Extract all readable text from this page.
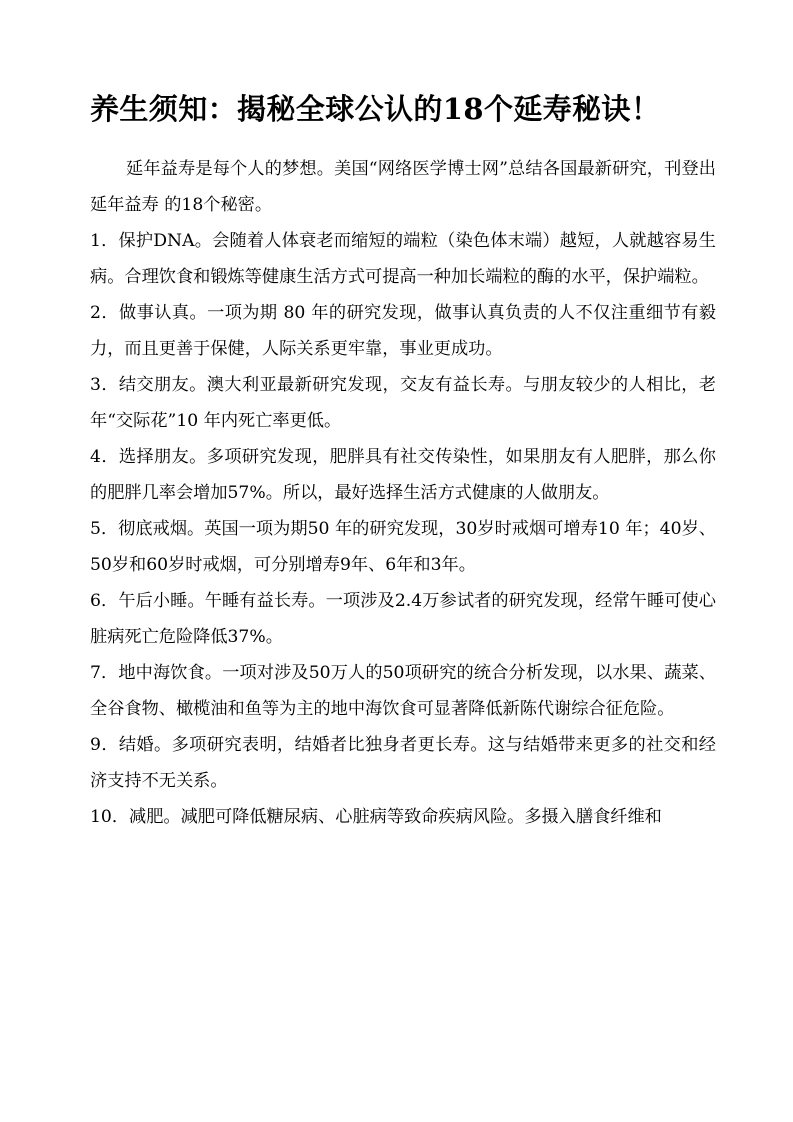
养生须知：揭秘全球公认的18个延寿秘诀！

延年益寿是每个人的梦想。美国“网络医学博士网”总结各国最新研究，刊登出延年益寿 的18个秘密。

1．保护DNA。会随着人体衰老而缩短的端粒（染色体末端）越短，人就越容易生病。合理饮食和锻炼等健康生活方式可提高一种加长端粒的酶的水平，保护端粒。

2．做事认真。一项为期 80 年的研究发现，做事认真负责的人不仅注重细节有毅力，而且更善于保健，人际关系更牢靠，事业更成功。

3．结交朋友。澳大利亚最新研究发现，交友有益长寿。与朋友较少的人相比，老年“交际花”10 年内死亡率更低。

4．选择朋友。多项研究发现，肥胖具有社交传染性，如果朋友有人肥胖，那么你的肥胖几率会增加57%。所以，最好选择生活方式健康的人做朋友。

5．彻底戒烟。英国一项为期50 年的研究发现，30岁时戒烟可增寿10 年；40岁、50岁和60岁时戒烟，可分别增寿9年、6年和3年。

6．午后小睡。午睡有益长寿。一项涉及2.4万参试者的研究发现，经常午睡可使心脏病死亡危险降低37%。

7．地中海饮食。一项对涉及50万人的50项研究的统合分析发现，以水果、蔬菜、全谷食物、橄榄油和鱼等为主的地中海饮食可显著降低新陈代谢综合征危险。

9．结婚。多项研究表明，结婚者比独身者更长寿。这与结婚带来更多的社交和经济支持不无关系。

10．减肥。减肥可降低糖尿病、心脏病等致命疾病风险。多摄入膳食纤维和
